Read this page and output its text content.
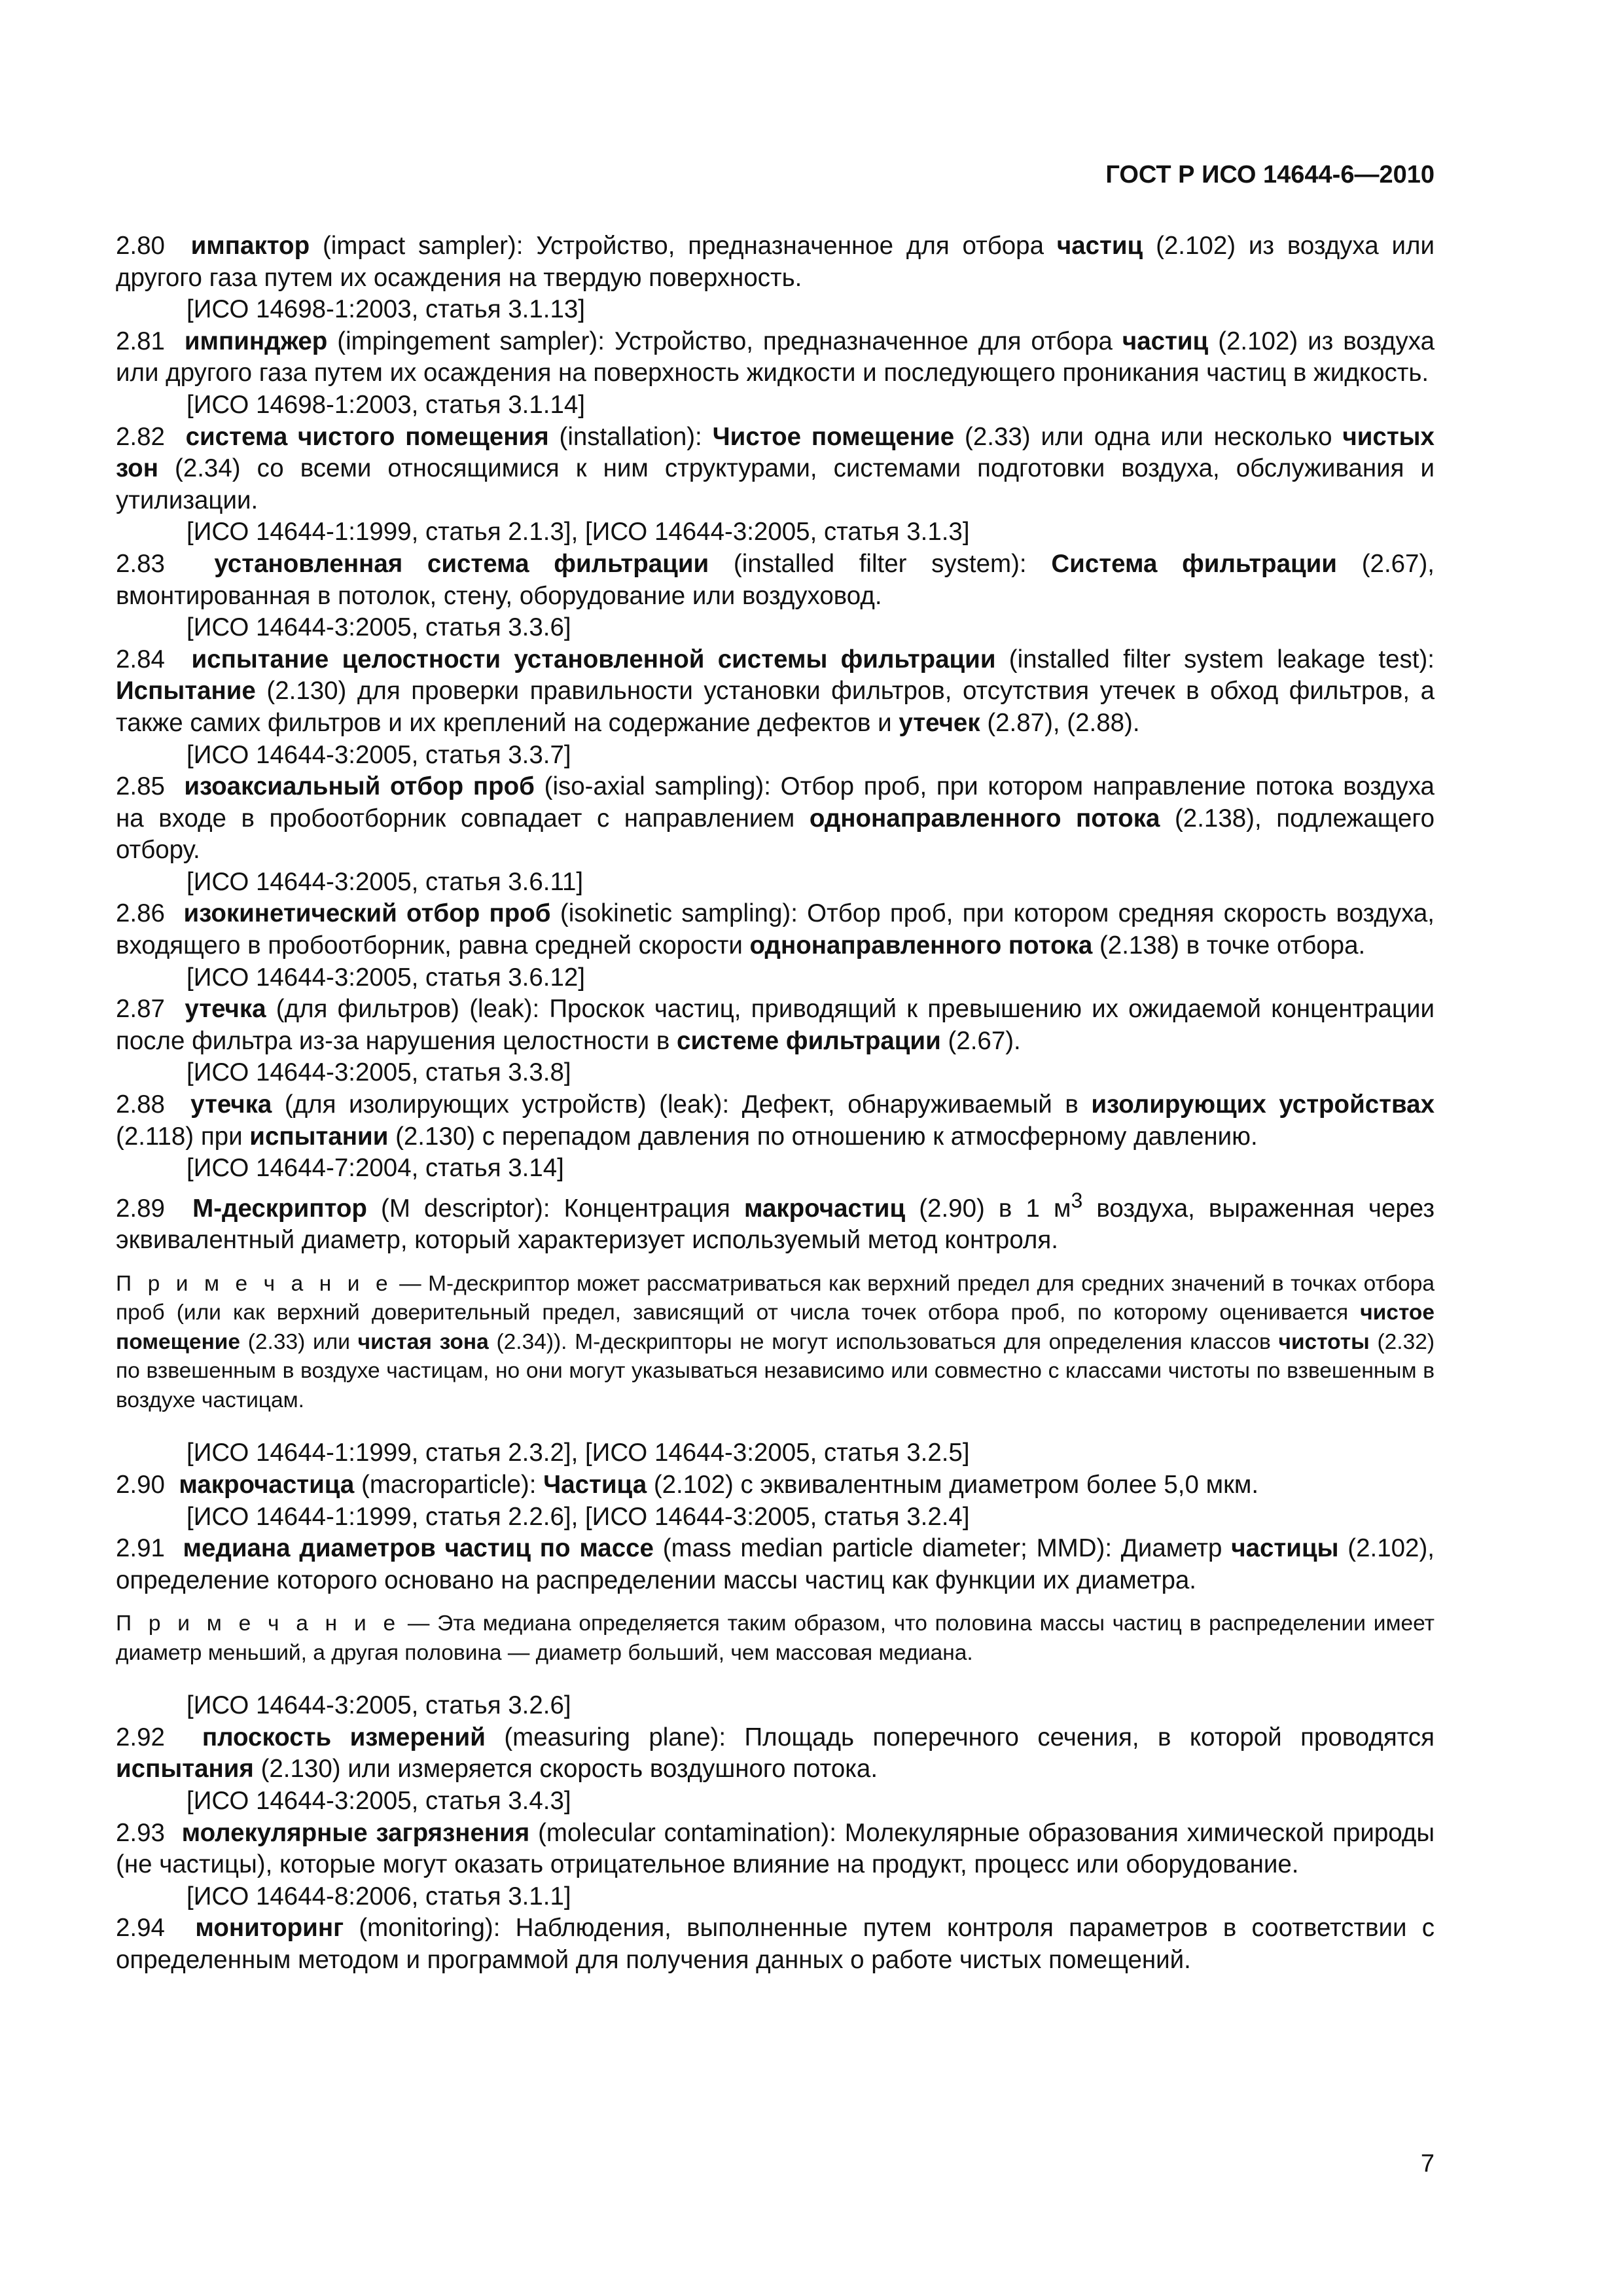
ГОСТ Р ИСО 14644-6—2010

2.80 импактор (impact sampler): Устройство, предназначенное для отбора частиц (2.102) из воздуха или другого газа путем их осаждения на твердую поверхность.

[ИСО 14698-1:2003, статья 3.1.13]

2.81 импинджер (impingement sampler): Устройство, предназначенное для отбора частиц (2.102) из воздуха или другого газа путем их осаждения на поверхность жидкости и последующего проникания частиц в жидкость.

[ИСО 14698-1:2003, статья 3.1.14]

2.82 система чистого помещения (installation): Чистое помещение (2.33) или одна или несколько чистых зон (2.34) со всеми относящимися к ним структурами, системами подготовки воздуха, обслуживания и утилизации.

[ИСО 14644-1:1999, статья 2.1.3], [ИСО 14644-3:2005, статья 3.1.3]

2.83 установленная система фильтрации (installed filter system): Система фильтрации (2.67), вмонтированная в потолок, стену, оборудование или воздуховод.

[ИСО 14644-3:2005, статья 3.3.6]

2.84 испытание целостности установленной системы фильтрации (installed filter system leakage test): Испытание (2.130) для проверки правильности установки фильтров, отсутствия утечек в обход фильтров, а также самих фильтров и их креплений на содержание дефектов и утечек (2.87), (2.88).

[ИСО 14644-3:2005, статья 3.3.7]

2.85 изоаксиальный отбор проб (iso-axial sampling): Отбор проб, при котором направление потока воздуха на входе в пробоотборник совпадает с направлением однонаправленного потока (2.138), подлежащего отбору.

[ИСО 14644-3:2005, статья 3.6.11]

2.86 изокинетический отбор проб (isokinetic sampling): Отбор проб, при котором средняя скорость воздуха, входящего в пробоотборник, равна средней скорости однонаправленного потока (2.138) в точке отбора.

[ИСО 14644-3:2005, статья 3.6.12]

2.87 утечка (для фильтров) (leak): Проскок частиц, приводящий к превышению их ожидаемой концентрации после фильтра из-за нарушения целостности в системе фильтрации (2.67).

[ИСО 14644-3:2005, статья 3.3.8]

2.88 утечка (для изолирующих устройств) (leak): Дефект, обнаруживаемый в изолирующих устройствах (2.118) при испытании (2.130) с перепадом давления по отношению к атмосферному давлению.

[ИСО 14644-7:2004, статья 3.14]

2.89 М-дескриптор (M descriptor): Концентрация макрочастиц (2.90) в 1 $м^3$ воздуха, выраженная через эквивалентный диаметр, который характеризует используемый метод контроля.

П р и м е ч а н и е — М-дескриптор может рассматриваться как верхний предел для средних значений в точках отбора проб (или как верхний доверительный предел, зависящий от числа точек отбора проб, по которому оценивается чистое помещение (2.33) или чистая зона (2.34)). М-дескрипторы не могут использоваться для определения классов чистоты (2.32) по взвешенным в воздухе частицам, но они могут указываться независимо или совместно с классами чистоты по взвешенным в воздухе частицам.

[ИСО 14644-1:1999, статья 2.3.2], [ИСО 14644-3:2005, статья 3.2.5]

2.90 макрочастица (macroparticle): Частица (2.102) с эквивалентным диаметром более 5,0 мкм.

[ИСО 14644-1:1999, статья 2.2.6], [ИСО 14644-3:2005, статья 3.2.4]

2.91 медиана диаметров частиц по массе (mass median particle diameter; MMD): Диаметр частицы (2.102), определение которого основано на распределении массы частиц как функции их диаметра.

П р и м е ч а н и е — Эта медиана определяется таким образом, что половина массы частиц в распределении имеет диаметр меньший, а другая половина — диаметр больший, чем массовая медиана.

[ИСО 14644-3:2005, статья 3.2.6]

2.92 плоскость измерений (measuring plane): Площадь поперечного сечения, в которой проводятся испытания (2.130) или измеряется скорость воздушного потока.

[ИСО 14644-3:2005, статья 3.4.3]

2.93 молекулярные загрязнения (molecular contamination): Молекулярные образования химической природы (не частицы), которые могут оказать отрицательное влияние на продукт, процесс или оборудование.

[ИСО 14644-8:2006, статья 3.1.1]

2.94 мониторинг (monitoring): Наблюдения, выполненные путем контроля параметров в соответствии с определенным методом и программой для получения данных о работе чистых помещений.

7
